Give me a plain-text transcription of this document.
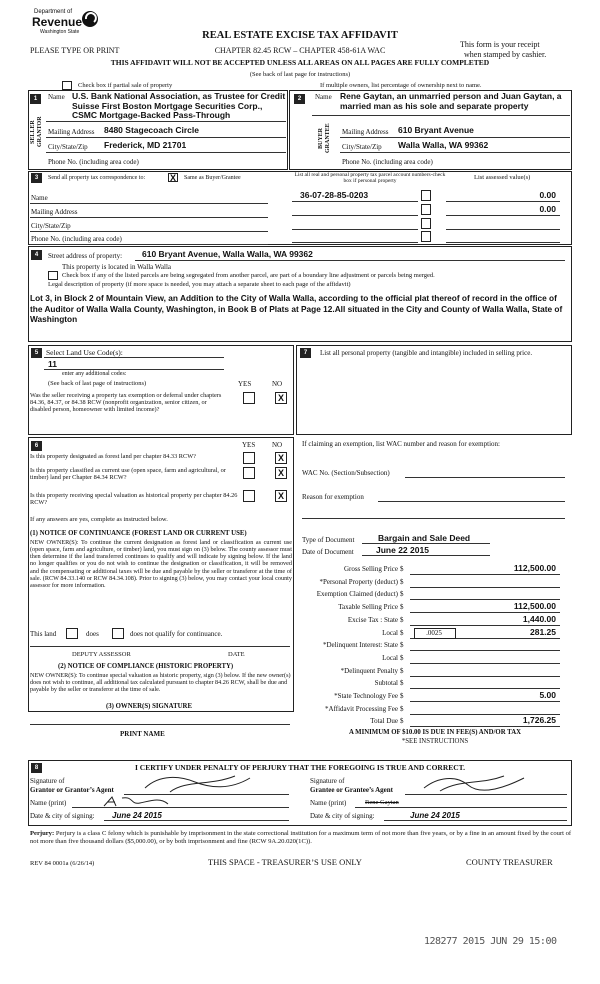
Department of
Revenue
Washington State	REAL ESTATE EXCISE TAX AFFIDAVIT
PLEASE TYPE OR PRINT	CHAPTER 82.45 RCW – CHAPTER 458-61A WAC
This form is your receipt
when stamped by cashier.
THIS AFFIDAVIT WILL NOT BE ACCEPTED UNLESS ALL AREAS ON ALL PAGES ARE FULLY COMPLETED
(See back of last page for instructions)
Check box if partial sale of property	If multiple owners, list percentage of ownership next to name.
1
SELLER GRANTOR
Name U.S. Bank National Association, as Trustee for Credit Suisse First Boston Mortgage Securities Corp., CSMC Mortgage-Backed Pass-Through
Mailing Address 8480 Stagecoach Circle
City/State/Zip Frederick, MD 21701
Phone No. (including area code)
2
BUYER GRANTEE
Name Rene Gaytan, an unmarried person and Juan Gaytan, a married man as his sole and separate property
Mailing Address 610 Bryant Avenue
City/State/Zip Walla Walla, WA 99362
Phone No. (including area code)
3	Send all property tax correspondence to:	X	Same as Buyer/Grantee	List all real and personal property tax parcel account numbers-check box if personal property
List assessed value(s)
Name
Mailing Address
City/State/Zip
Phone No. (including area code)
36-07-28-85-0203	0.00
0.00
4	Street address of property: 610 Bryant Avenue, Walla Walla, WA 99362
This property is located in Walla Walla
Check box if any of the listed parcels are being segregated from another parcel, are part of a boundary line adjustment or parcels being merged.
Legal description of property (if more space is needed, you may attach a separate sheet to each page of the affidavit)
Lot 3, in Block 2 of Mountain View, an Addition to the City of Walla Walla, according to the official plat thereof of record in the office of the Auditor of Walla Walla County, Washington, in Book B of Plats at Page 12.All situated in the City and County of Walla Walla, State of Washington
5	Select Land Use Code(s):
11
enter any additional codes:
(See back of last page of instructions)	YES	NO
Was the seller receiving a property tax exemption or deferral under chapters 84.36, 84.37, or 84.38 RCW (nonprofit organization, senior citizen, or disabled person, homeowner with limited income)?
X
6	YES NO
Is this property designated as forest land per chapter 84.33 RCW?	X
Is this property classified as current use (open space, farm and agricultural, or timber) land per Chapter 84.34 RCW?	X
Is this property receiving special valuation as historical property per chapter 84.26 RCW?
X
If any answers are yes, complete as instructed below.
(1) NOTICE OF CONTINUANCE (FOREST LAND OR CURRENT USE)
NEW OWNER(S): To continue the current designation as forest land or classification as current use (open space, farm and agriculture, or timber) land, you must sign on (3) below. The county assessor must then determine if the land transferred continues to qualify and will indicate by signing below. If the land no longer qualifies or you do not wish to continue the designation or classification, it will be removed and the compensating or additional taxes will be due and payable by the seller or transferor at the time of sale. (RCW 84.33.140 or RCW 84.34.108). Prior to signing (3) below, you may contact your local county assessor for more information.
This land	does	does not qualify for continuance.
DEPUTY ASSESSOR	DATE
(2) NOTICE OF COMPLIANCE (HISTORIC PROPERTY)
NEW OWNER(S): To continue special valuation as historic property, sign (3) below. If the new owner(s) does not wish to continue, all additional tax calculated pursuant to chapter 84.26 RCW, shall be due and payable by the seller or transferor at the time of sale.
(3) OWNER(S) SIGNATURE
PRINT NAME
7	List all personal property (tangible and intangible) included in selling price.
If claiming an exemption, list WAC number and reason for exemption:
WAC No. (Section/Subsection)
Reason for exemption
Type of Document	Bargain and Sale Deed
Date of Document	June 22 2015
Gross Selling Price $	112,500.00
*Personal Property (deduct) $
Exemption Claimed (deduct) $
Taxable Selling Price $	112,500.00
Excise Tax : State $	1,440.00
Local $	281.25
*Delinquent Interest: State $
Local $
*Delinquent Penalty $
Subtotal $
*State Technology Fee $	5.00
*Affidavit Processing Fee $
Total Due $	1,726.25
.0025
A MINIMUM OF $10.00 IS DUE IN FEE(S) AND/OR TAX
*SEE INSTRUCTIONS
8	I CERTIFY UNDER PENALTY OF PERJURY THAT THE FOREGOING IS TRUE AND CORRECT.
Signature of
Grantor or Grantor’s Agent
Name (print)
Date & city of signing: June 24 2015
Signature of
Grantee or Grantee’s Agent
Name (print)	Rene Gaytan
Date & city of signing:	June 24 2015
Perjury: Perjury is a class C felony which is punishable by imprisonment in the state correctional institution for a maximum term of not more than five years, or by a fine in an amount fixed by the court of not more than five thousand dollars ($5,000.00), or by both imprisonment and fine (RCW 9A.20.020(1C)).
REV 84 0001a (6/26/14)	THIS SPACE - TREASURER’S USE ONLY	COUNTY TREASURER
128277 2015 JUN 29 15:00
